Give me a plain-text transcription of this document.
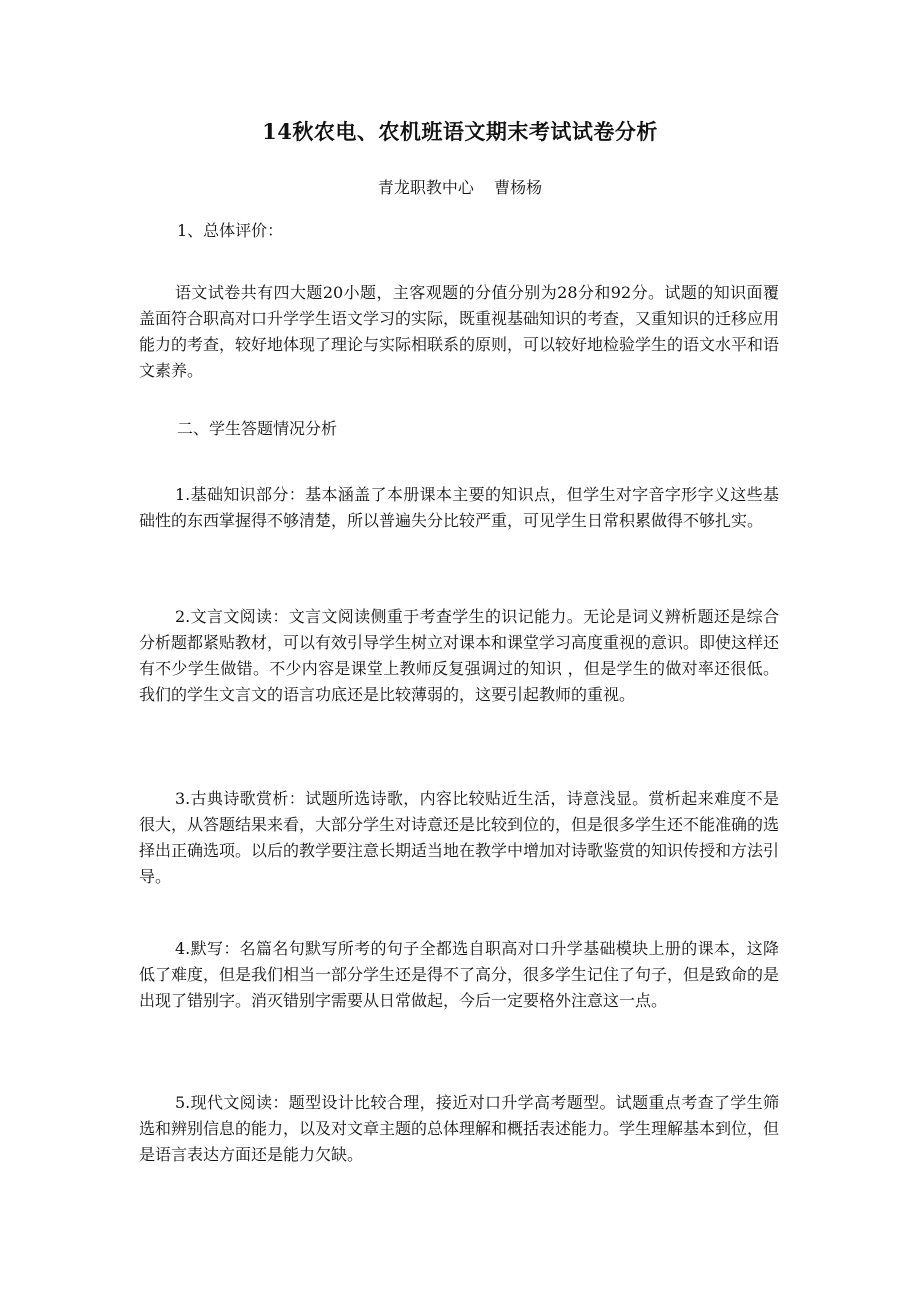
14秋农电、农机班语文期末考试试卷分析
青龙职教中心    曹杨杨

1、总体评价：

语文试卷共有四大题20小题，主客观题的分值分别为28分和92分。试题的知识面覆盖面符合职高对口升学学生语文学习的实际，既重视基础知识的考查，又重知识的迁移应用能力的考查，较好地体现了理论与实际相联系的原则，可以较好地检验学生的语文水平和语文素养。

二、学生答题情况分析

1.基础知识部分：基本涵盖了本册课本主要的知识点，但学生对字音字形字义这些基础性的东西掌握得不够清楚，所以普遍失分比较严重，可见学生日常积累做得不够扎实。

2.文言文阅读：文言文阅读侧重于考查学生的识记能力。无论是词义辨析题还是综合分析题都紧贴教材，可以有效引导学生树立对课本和课堂学习高度重视的意识。即使这样还有不少学生做错。不少内容是课堂上教师反复强调过的知识 ，但是学生的做对率还很低。我们的学生文言文的语言功底还是比较薄弱的，这要引起教师的重视。

3.古典诗歌赏析：试题所选诗歌，内容比较贴近生活，诗意浅显。赏析起来难度不是很大，从答题结果来看，大部分学生对诗意还是比较到位的，但是很多学生还不能准确的选择出正确选项。以后的教学要注意长期适当地在教学中增加对诗歌鉴赏的知识传授和方法引导。

4.默写：名篇名句默写所考的句子全都选自职高对口升学基础模块上册的课本，这降低了难度，但是我们相当一部分学生还是得不了高分，很多学生记住了句子，但是致命的是出现了错别字。消灭错别字需要从日常做起，今后一定要格外注意这一点。

5.现代文阅读：题型设计比较合理，接近对口升学高考题型。试题重点考查了学生筛选和辨别信息的能力，以及对文章主题的总体理解和概括表述能力。学生理解基本到位，但是语言表达方面还是能力欠缺。
